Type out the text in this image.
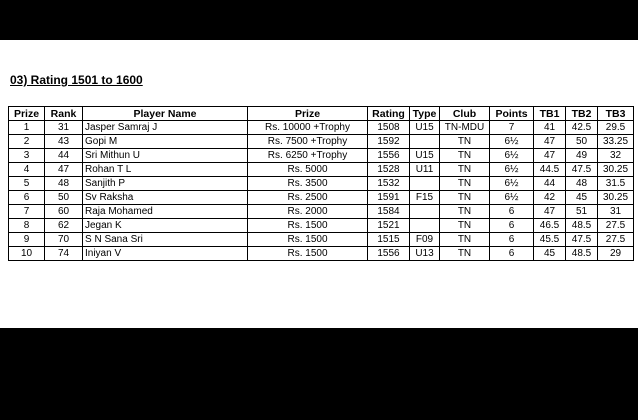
03) Rating 1501 to 1600
Prize	Rank	Player Name	Prize	Rating	Type	Club	Points	TB1	TB2	TB3
1	31	Jasper Samraj J	Rs. 10000 +Trophy	1508	U15	TN-MDU	7	41	42.5	29.5
2	43	Gopi M	Rs. 7500 +Trophy	1592		TN	6½	47	50	33.25
3	44	Sri Mithun U	Rs. 6250 +Trophy	1556	U15	TN	6½	47	49	32
4	47	Rohan T L	Rs. 5000	1528	U11	TN	6½	44.5	47.5	30.25
5	48	Sanjith P	Rs. 3500	1532		TN	6½	44	48	31.5
6	50	Sv Raksha	Rs. 2500	1591	F15	TN	6½	42	45	30.25
7	60	Raja Mohamed	Rs. 2000	1584		TN	6	47	51	31
8	62	Jegan K	Rs. 1500	1521		TN	6	46.5	48.5	27.5
9	70	S N Sana Sri	Rs. 1500	1515	F09	TN	6	45.5	47.5	27.5
10	74	Iniyan V	Rs. 1500	1556	U13	TN	6	45	48.5	29
